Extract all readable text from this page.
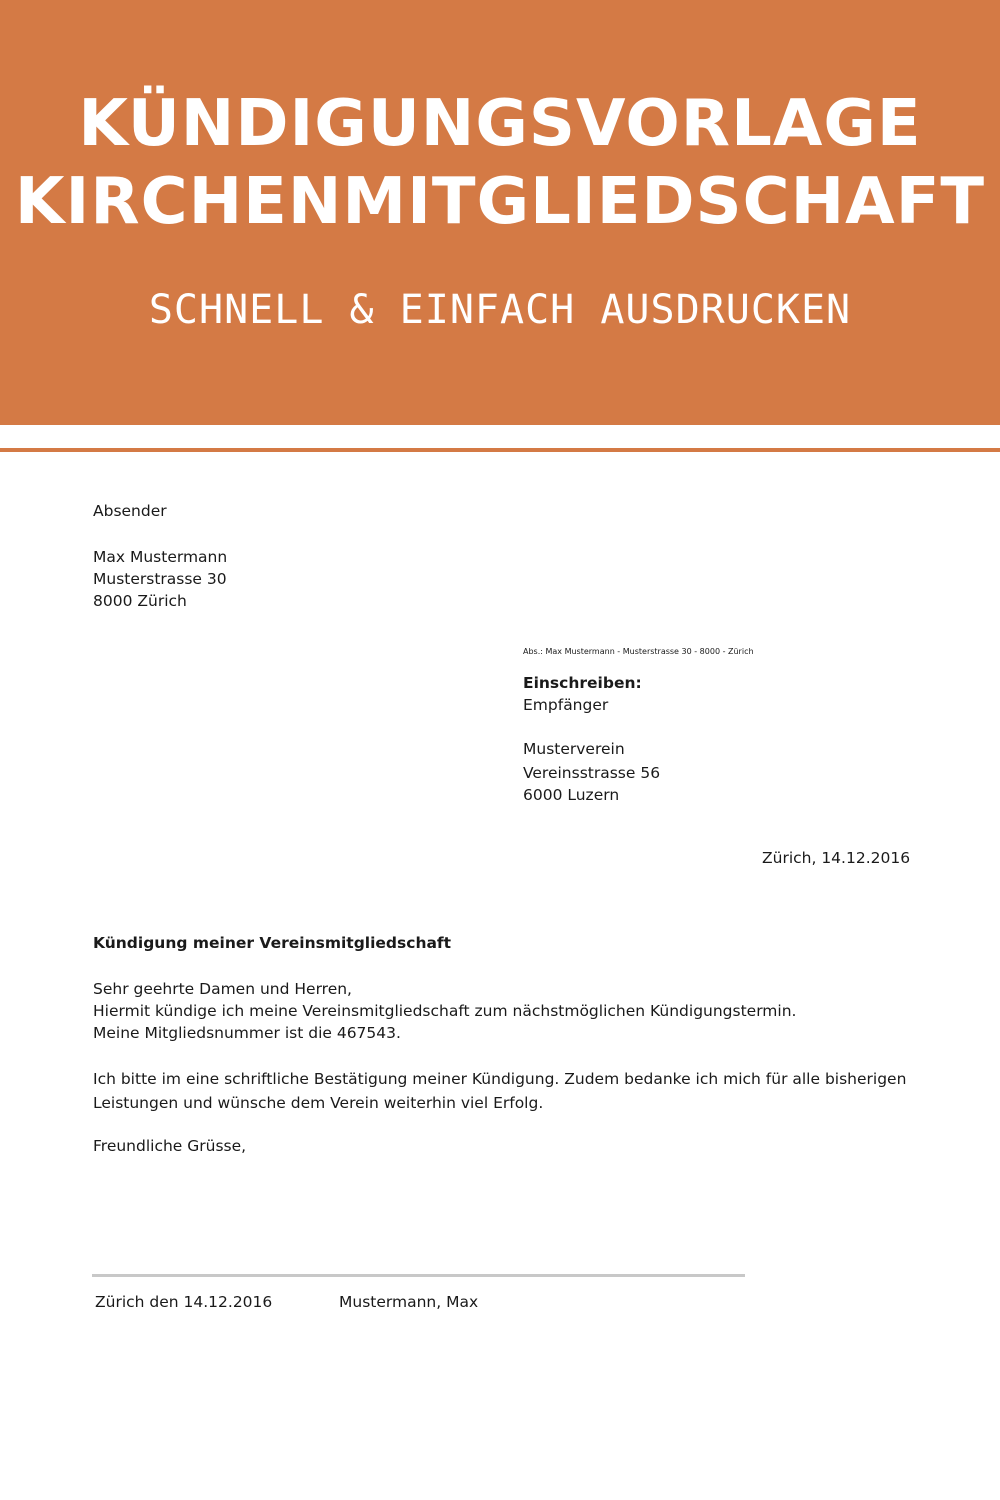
KÜNDIGUNGSVORLAGE
KIRCHENMITGLIEDSCHAFT
SCHNELL & EINFACH AUSDRUCKEN
Absender
Max Mustermann
Musterstrasse 30
8000 Zürich
Abs.: Max Mustermann - Musterstrasse 30 - 8000 - Zürich
Einschreiben:
Empfänger
Musterverein
Vereinsstrasse 56
6000 Luzern
Zürich, 14.12.2016
Kündigung meiner Vereinsmitgliedschaft
Sehr geehrte Damen und Herren,
Hiermit kündige ich meine Vereinsmitgliedschaft zum nächstmöglichen Kündigungstermin.
Meine Mitgliedsnummer ist die 467543.
Ich bitte im eine schriftliche Bestätigung meiner Kündigung. Zudem bedanke ich mich für alle bisherigen
Leistungen und wünsche dem Verein weiterhin viel Erfolg.
Freundliche Grüsse,
Zürich den 14.12.2016	Mustermann, Max
